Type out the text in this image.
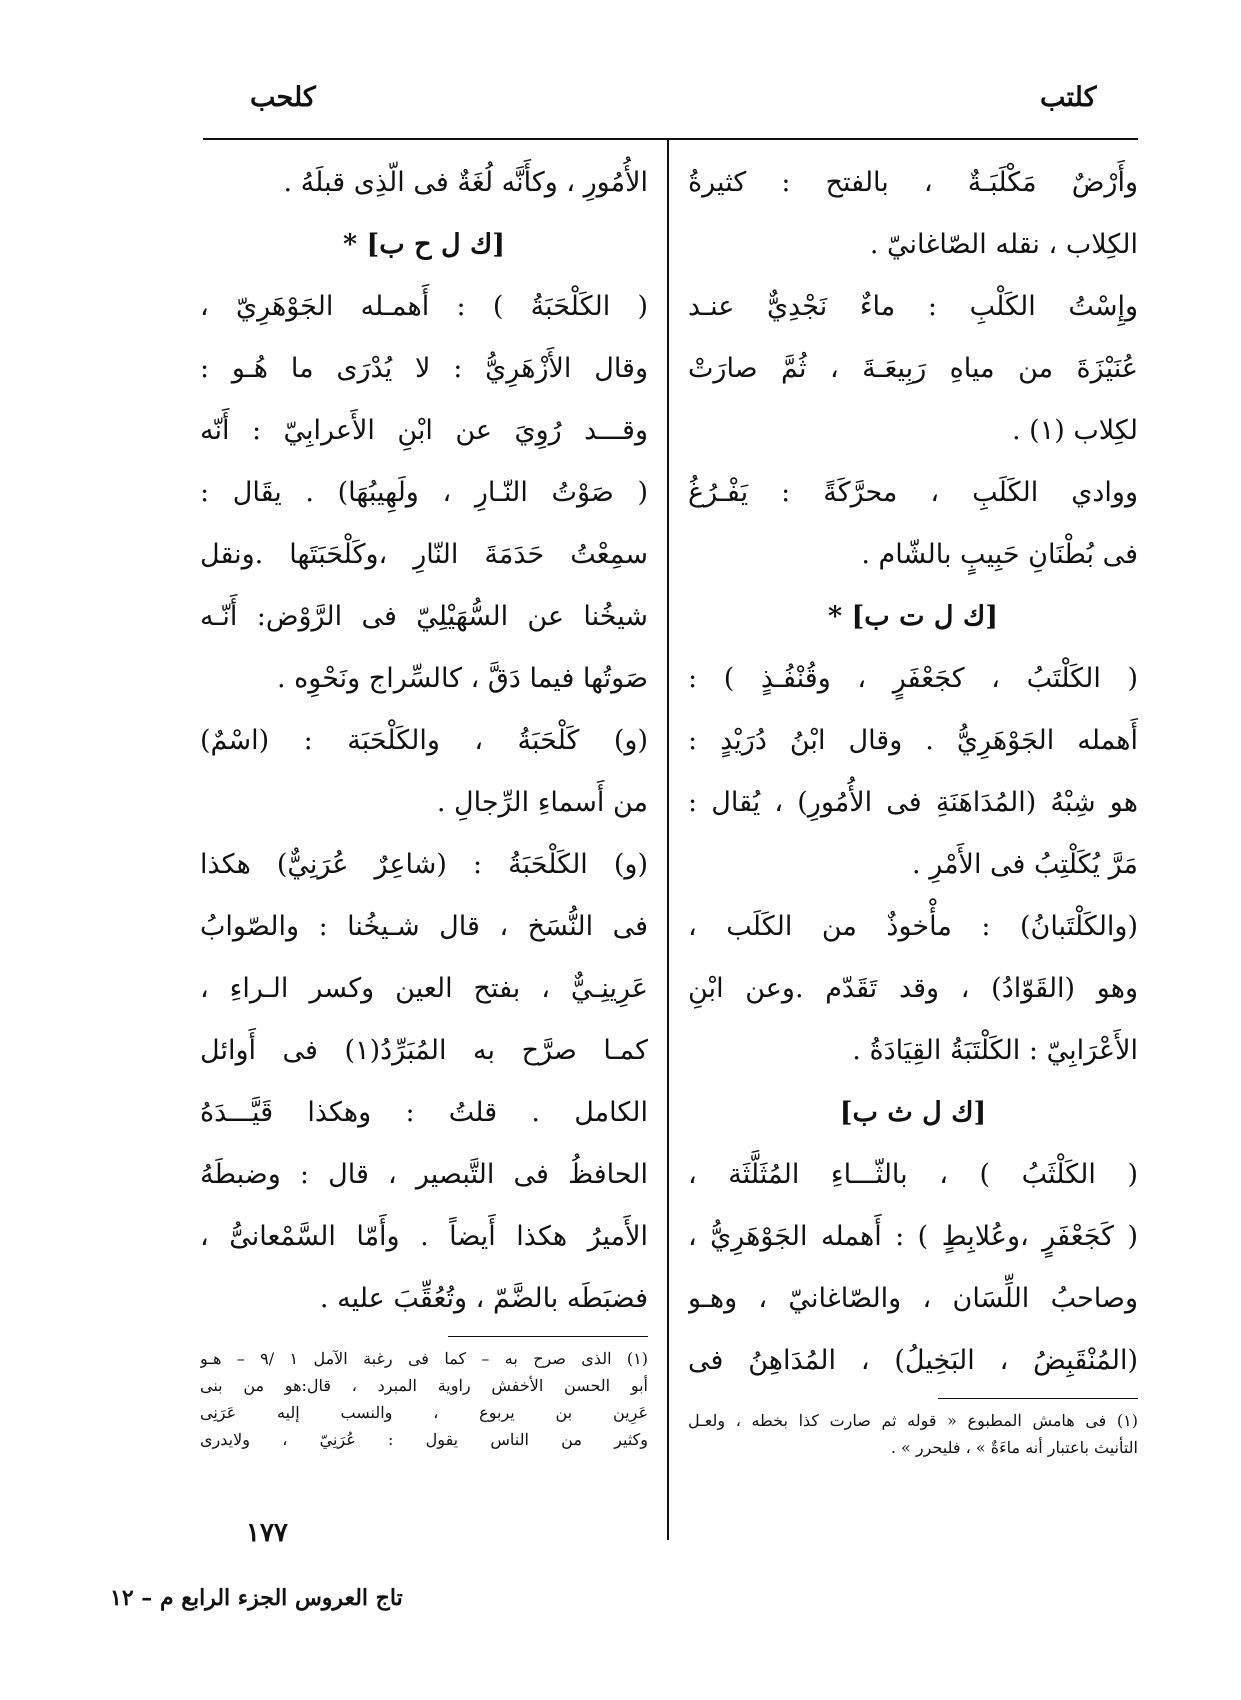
كلتب
كلحب
وأَرْضٌ مَكْلَبَـةٌ ، بالفتح : كثيرةُ
الكِلاب ، نقله الصّاغانيّ .
وإِسْتُ الكَلْبِ : ماءٌ نَجْدِيٌّ عنـد
عُنَيْزَةَ من مياهِ رَبِيعَـةَ ، ثُمَّ صارَتْ
لكِلاب (١) .
ووادي الكَلَبِ ، محرَّكَةً : يَفْـرُغُ
فى بُطْنَانِ حَبِيبٍ بالشّام .
[ك ل ت ب] *
( الكَلْتَبُ ، كجَعْفَرٍ ، وقُنْفُـذٍ ) :
أَهمله الجَوْهَرِيُّ . وقال ابْنُ دُرَيْدٍ :
هو شِبْهُ (المُدَاهَنَةِ فى الأُمُورِ) ، يُقال :
مَرَّ يُكَلْتِبُ فى الأَمْرِ .
(والكَلْتَبانُ) : مأْخوذٌ من الكَلَب ،
وهو (القَوّادُ) ، وقد تَقَدّم .وعن ابْنِ
الأَعْرَابِيّ : الكَلْتَبَةُ القِيَادَةُ .
[ك ل ث ب]
( الكَلْثَبُ ) ، بالثّـــاءِ المُثَلَّثَة ،
( كَجَعْفَرٍ ،وعُلابِطٍ ) : أَهمله الجَوْهَرِيُّ ،
وصاحبُ اللِّسَان ، والصّاغانيّ ، وهـو
(المُنْقَبِضُ ، البَخِيلُ) ، المُدَاهِنُ فى
(١) فى هامش المطبوع « قوله ثم صارت كذا بخطه ، ولعـل
التأنيث باعتبار أنه ماءَةٌ » ، فليحرر » .
الأُمُورِ ، وكأَنَّه لُغَةٌ فى الّذِى قبلَهُ .
[ك ل ح ب] *
( الكَلْحَبَةُ ) : أَهمـله الجَوْهَرِيّ ،
وقال الأَزْهَرِيُّ : لا يُدْرَى ما هُـو :
وقـــد رُوِيَ عن ابْنِ الأَعرابِيّ : أَنّه
( صَوْتُ النّـارِ ، ولَهِيبُهَا) . يقَال :
سمِعْتُ حَدَمَةَ النّارِ ،وكَلْحَبَتَها .ونقل
شيخُنا عن السُّهَيْلِيّ فى الرَّوْض: أَنّـه
صَوتُها فيما دَقَّ ، كالسِّراج ونَحْوِه .
(و) كَلْحَبَةُ ، والكَلْحَبَة : (اسْمٌ)
من أَسماءِ الرِّجالِ .
(و) الكَلْحَبَةُ : (شاعِرٌ عُرَنِيٌّ) هكذا
فى النُّسَخ ، قال شـيخُنا : والصّوابُ
عَرِينِـيٌّ ، بفتح العين وكسر الـراءِ ،
كمـا صرَّح به المُبَرِّدُ(١) فى أَوائل
الكامل . قلتُ : وهكذا قَيَّـــدَهُ
الحافظُ فى التَّبصير ، قال : وضبطَهُ
الأَميرُ هكذا أَيضاً . وأَمّا السَّمْعانىُّ ،
فضبَطَه بالضَّمّ ، وتُعُقِّبَ عليه .
(١) الذى صرح به – كما فى رغبة الآمل ١ /٩ – هـو
أبو الحسن الأخفش راوية المبرد ، قال:هو من بنى
عَرِين بن يربوع ، والنسب إليه عَرَنِى
وكثير من الناس يقول : عُرَنِيّ ، ولايدرى
١٧٧
تاج العروس الجزء الرابع م – ١٢
